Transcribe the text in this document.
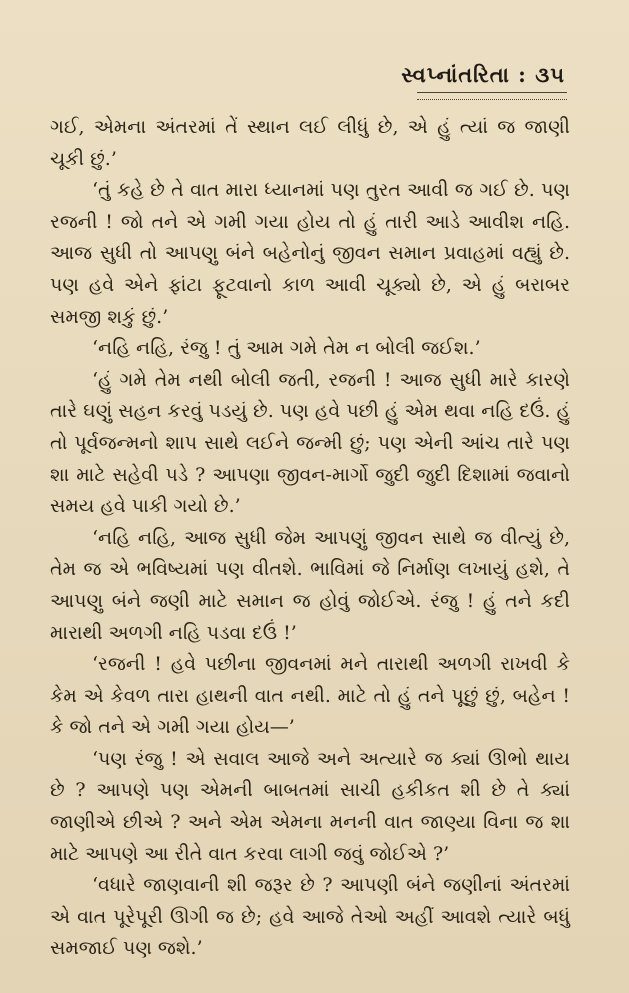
સ્વપ્નાંતરિતા : ૩૫

ગઈ, એમના અંતરમાં તેં સ્થાન લઈ લીધું છે, એ હું ત્યાં જ જાણી ચૂકી છું.’

‘તું કહે છે તે વાત મારા ધ્યાનમાં પણ તુરત આવી જ ગઈ છે. પણ રજની ! જો તને એ ગમી ગયા હોય તો હું તારી આડે આવીશ નહિ. આજ સુધી તો આપણુ બંને બહેનોનું જીવન સમાન પ્રવાહમાં વહ્યું છે. પણ હવે એને ફાંટા ફૂટવાનો કાળ આવી ચૂક્યો છે, એ હું બરાબર સમજી શકું છું.’

‘નહિ નહિ, રંજુ ! તું આમ ગમે તેમ ન બોલી જઈશ.’

‘હું ગમે તેમ નથી બોલી જતી, રજની ! આજ સુધી મારે કારણે તારે ઘણું સહન કરવું પડયું છે. પણ હવે પછી હું એમ થવા નહિ દઉં. હું તો પૂર્વજન્મનો શાપ સાથે લઈને જન્મી છું; પણ એની આંચ તારે પણ શા માટે સહેવી પડે ? આપણા જીવન-માર્ગો જુદી જુદી દિશામાં જવાનો સમય હવે પાકી ગયો છે.’

‘નહિ નહિ, આજ સુધી જેમ આપણું જીવન સાથે જ વીત્યું છે, તેમ જ એ ભવિષ્યમાં પણ વીતશે. ભાવિમાં જે નિર્માણ લખાયું હશે, તે આપણુ બંને જણી માટે સમાન જ હોવું જોઈએ. રંજુ ! હું તને કદી મારાથી અળગી નહિ પડવા દઉં !’

‘રજની ! હવે પછીના જીવનમાં મને તારાથી અળગી રાખવી કે કેમ એ કેવળ તારા હાથની વાત નથી. માટે તો હું તને પૂછું છું, બહેન ! કે જો તને એ ગમી ગયા હોય—’

‘પણ રંજુ ! એ સવાલ આજે અને અત્યારે જ ક્યાં ઊભો થાય છે ? આપણે પણ એમની બાબતમાં સાચી હકીકત શી છે તે ક્યાં જાણીએ છીએ ? અને એમ એમના મનની વાત જાણ્યા વિના જ શા માટે આપણે આ રીતે વાત કરવા લાગી જવું જોઈએ ?’

‘વધારે જાણવાની શી જરૂર છે ? આપણી બંને જણીનાં અંતરમાં એ વાત પૂરેપૂરી ઊગી જ છે; હવે આજે તેઓ અહીં આવશે ત્યારે બધું સમજાઈ પણ જશે.’
